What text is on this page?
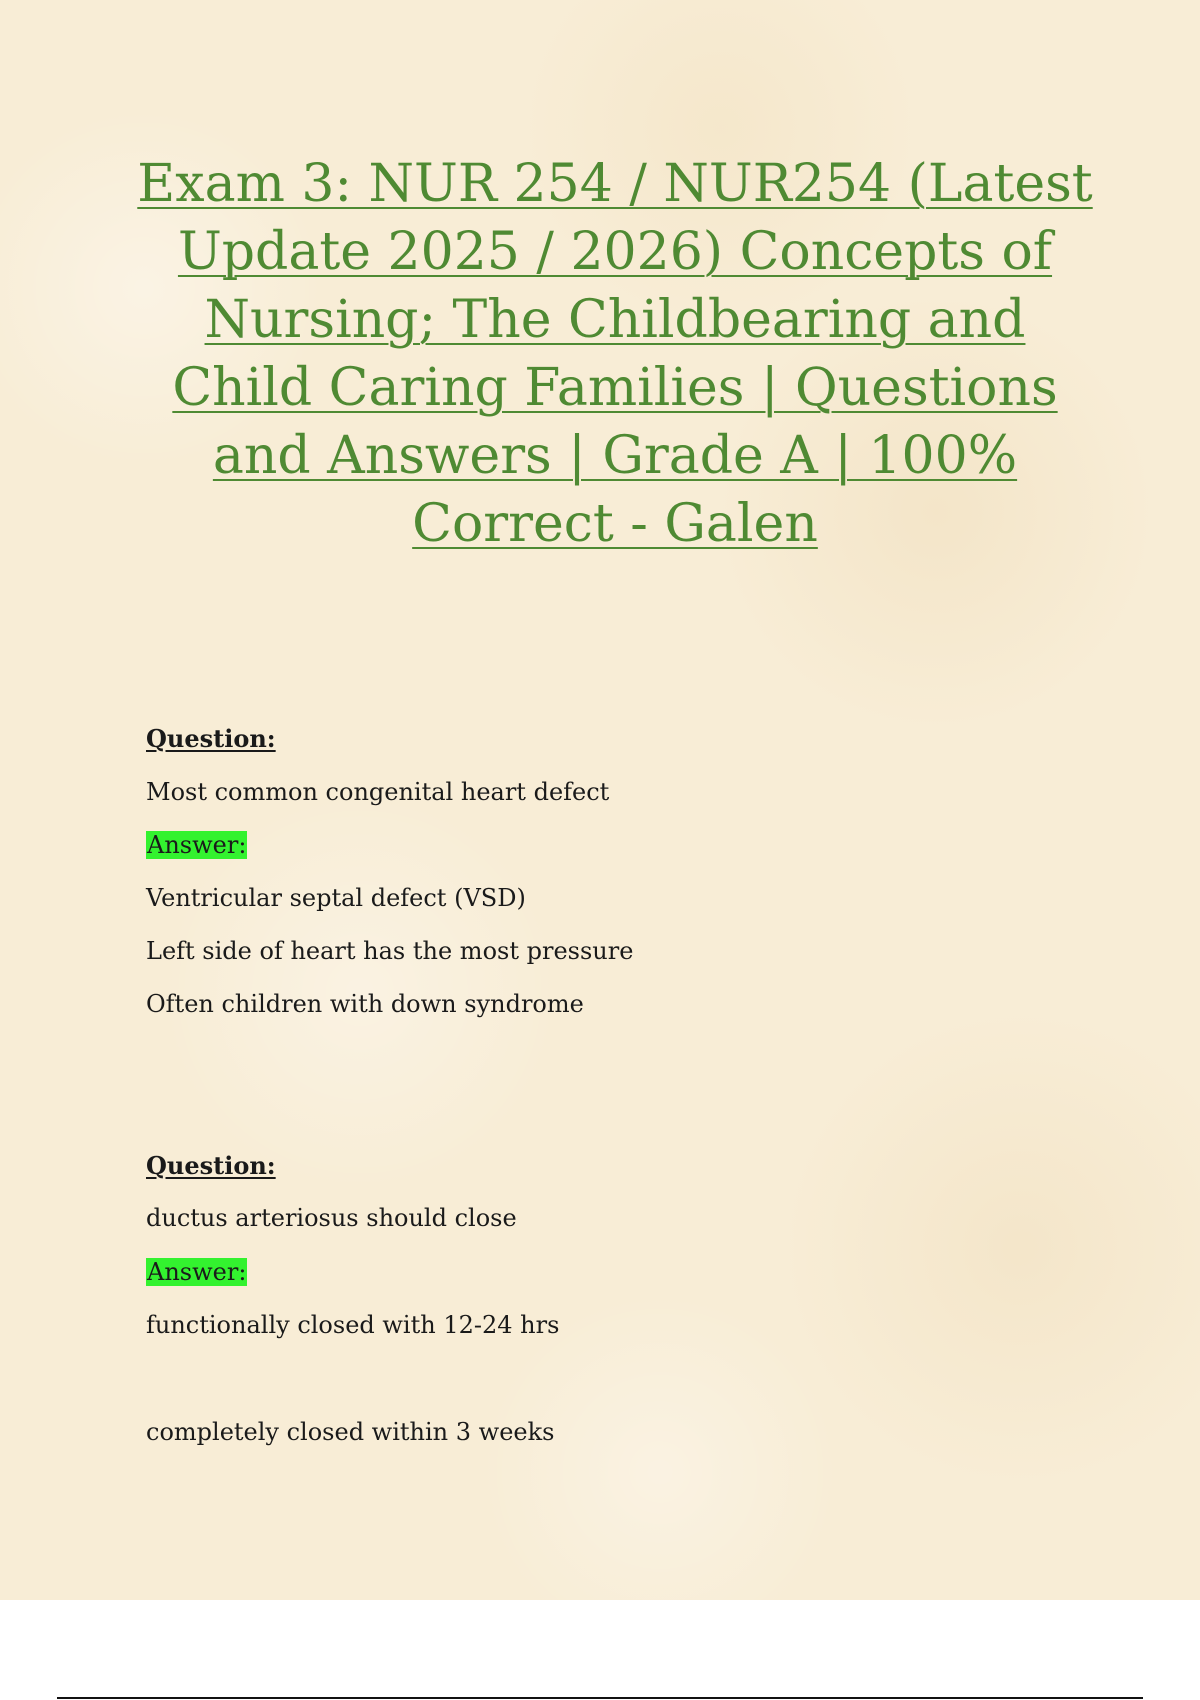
Exam 3: NUR 254 / NUR254 (Latest Update 2025 / 2026) Concepts of Nursing; The Childbearing and Child Caring Families | Questions and Answers | Grade A | 100% Correct - Galen
Question:
Most common congenital heart defect
Answer:
Ventricular septal defect (VSD)
Left side of heart has the most pressure
Often children with down syndrome
Question:
ductus arteriosus should close
Answer:
functionally closed with 12-24 hrs
completely closed within 3 weeks
